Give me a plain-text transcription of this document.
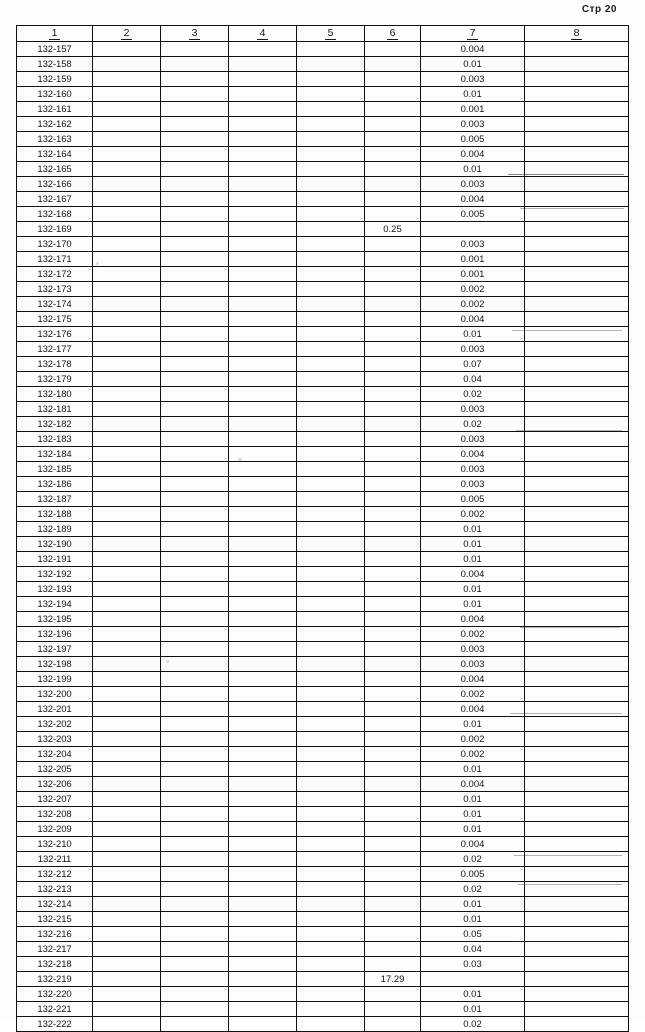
Стр 20
1	2	3	4	5	6	7	8
132-157						0.004	
132-158						0.01	
132-159						0.003	
132-160						0.01	
132-161						0.001	
132-162						0.003	
132-163						0.005	
132-164						0.004	
132-165						0.01	
132-166						0.003	
132-167						0.004	
132-168						0.005	
132-169					0.25		
132-170						0.003	
132-171						0.001	
132-172						0.001	
132-173						0.002	
132-174						0.002	
132-175						0.004	
132-176						0.01	
132-177						0.003	
132-178						0.07	
132-179						0.04	
132-180						0.02	
132-181						0.003	
132-182						0.02	
132-183						0.003	
132-184						0.004	
132-185						0.003	
132-186						0.003	
132-187						0.005	
132-188						0.002	
132-189						0.01	
132-190						0.01	
132-191						0.01	
132-192						0.004	
132-193						0.01	
132-194						0.01	
132-195						0.004	
132-196						0.002	
132-197						0.003	
132-198						0.003	
132-199						0.004	
132-200						0.002	
132-201						0.004	
132-202						0.01	
132-203						0.002	
132-204						0.002	
132-205						0.01	
132-206						0.004	
132-207						0.01	
132-208						0.01	
132-209						0.01	
132-210						0.004	
132-211						0.02	
132-212						0.005	
132-213						0.02	
132-214						0.01	
132-215						0.01	
132-216						0.05	
132-217						0.04	
132-218						0.03	
132-219					17.29		
132-220						0.01	
132-221						0.01	
132-222						0.02	
